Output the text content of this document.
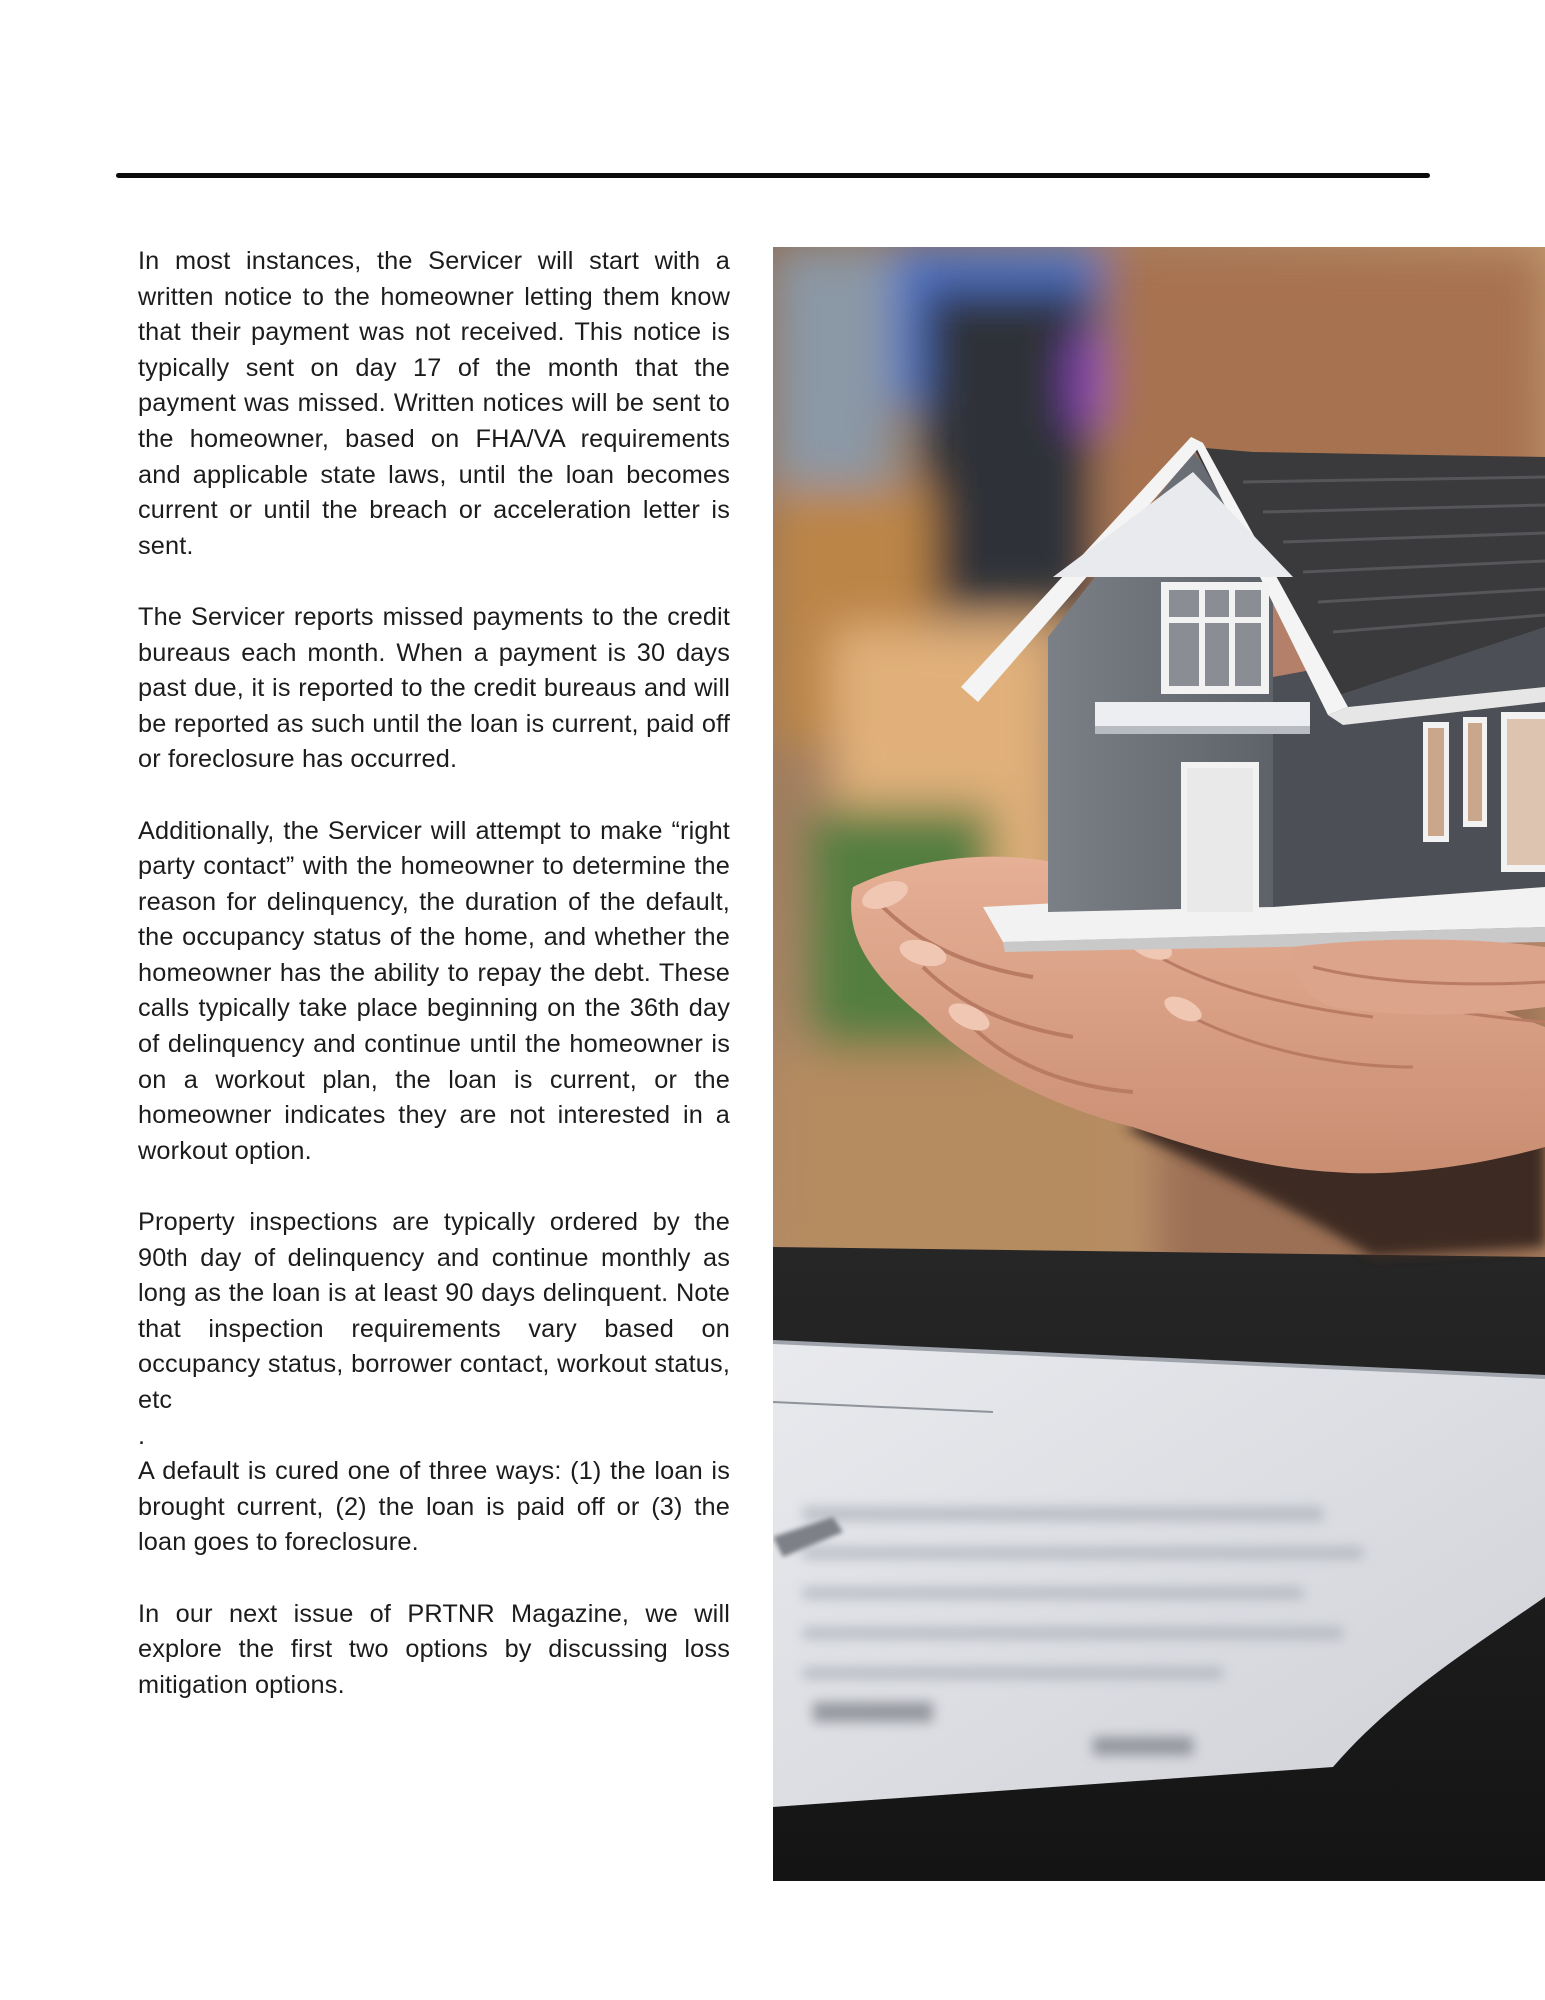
In most instances, the Servicer will start with a written notice to the homeowner letting them know that their payment was not received. This notice is typically sent on day 17 of the month that the payment was missed. Written notices will be sent to the homeowner, based on FHA/VA requirements and applicable state laws, until the loan becomes current or until the breach or acceleration letter is sent.

The Servicer reports missed payments to the credit bureaus each month. When a payment is 30 days past due, it is reported to the credit bureaus and will be reported as such until the loan is current, paid off or foreclosure has occurred.

Additionally, the Servicer will attempt to make “right party contact” with the homeowner to determine the reason for delinquency, the duration of the default, the occupancy status of the home, and whether the homeowner has the ability to repay the debt. These calls typically take place beginning on the 36th day of delinquency and continue until the homeowner is on a workout plan, the loan is current, or the homeowner indicates they are not interested in a workout option.

Property inspections are typically ordered by the 90th day of delinquency and continue monthly as long as the loan is at least 90 days delinquent. Note that inspection requirements vary based on occupancy status, borrower contact, workout status, etc

.

A default is cured one of three ways: (1) the loan is brought current, (2) the loan is paid off or (3) the loan goes to foreclosure.

In our next issue of PRTNR Magazine, we will explore the first two options by discussing loss mitigation options.
